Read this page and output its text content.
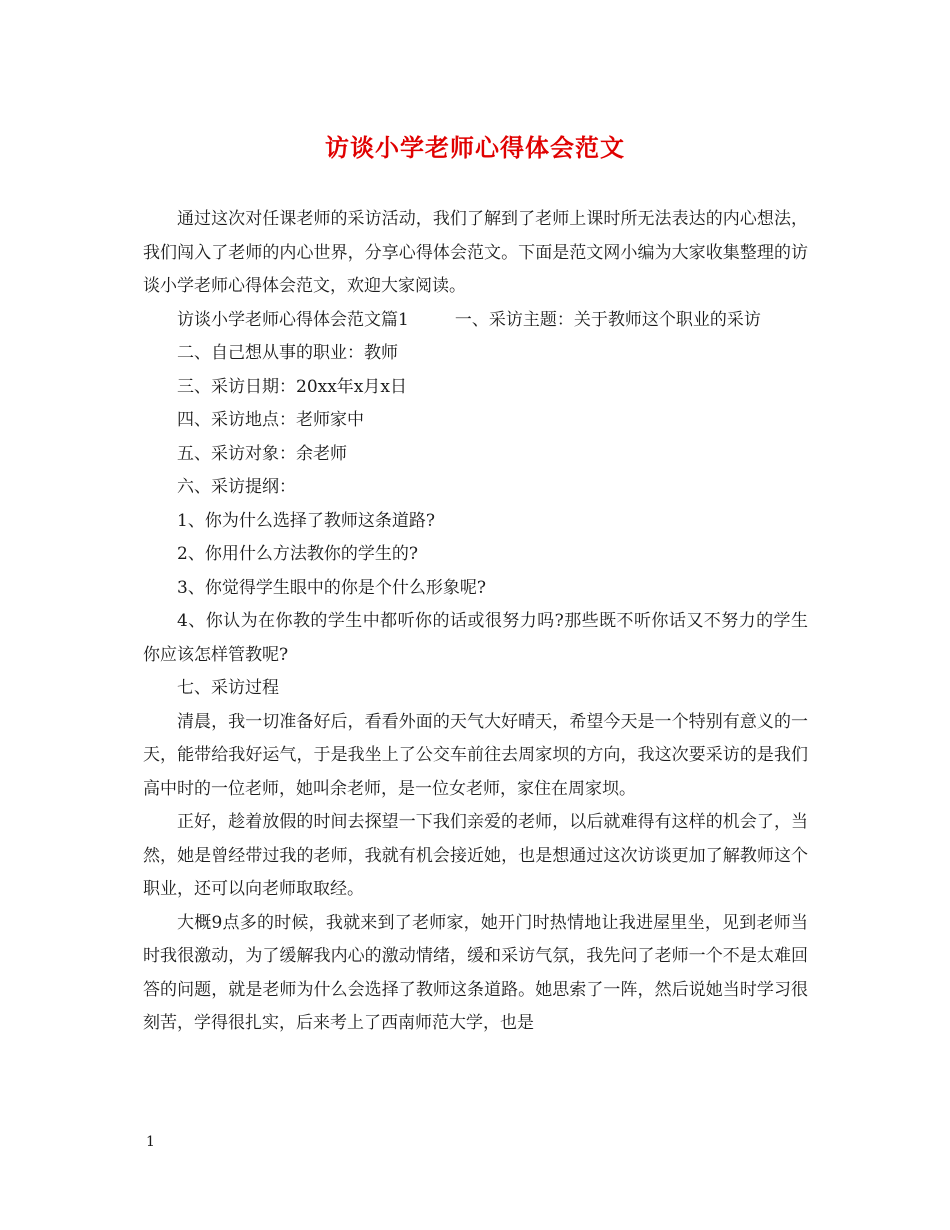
访谈小学老师心得体会范文

通过这次对任课老师的采访活动，我们了解到了老师上课时所无法表达的内心想法，我们闯入了老师的内心世界，分享心得体会范文。下面是范文网小编为大家收集整理的访谈小学老师心得体会范文，欢迎大家阅读。

访谈小学老师心得体会范文篇1	一、采访主题：关于教师这个职业的采访

二、自己想从事的职业：教师

三、采访日期：20xx年x月x日

四、采访地点：老师家中

五、采访对象：余老师

六、采访提纲：

1、你为什么选择了教师这条道路?

2、你用什么方法教你的学生的?

3、你觉得学生眼中的你是个什么形象呢?

4、你认为在你教的学生中都听你的话或很努力吗?那些既不听你话又不努力的学生你应该怎样管教呢?

七、采访过程

清晨，我一切准备好后，看看外面的天气大好晴天，希望今天是一个特别有意义的一天，能带给我好运气，于是我坐上了公交车前往去周家坝的方向，我这次要采访的是我们高中时的一位老师，她叫余老师，是一位女老师，家住在周家坝。

正好，趁着放假的时间去探望一下我们亲爱的老师，以后就难得有这样的机会了，当然，她是曾经带过我的老师，我就有机会接近她，也是想通过这次访谈更加了解教师这个职业，还可以向老师取取经。

大概9点多的时候，我就来到了老师家，她开门时热情地让我进屋里坐，见到老师当时我很激动，为了缓解我内心的激动情绪，缓和采访气氛，我先问了老师一个不是太难回答的问题，就是老师为什么会选择了教师这条道路。她思索了一阵，然后说她当时学习很刻苦，学得很扎实，后来考上了西南师范大学，也是

1
